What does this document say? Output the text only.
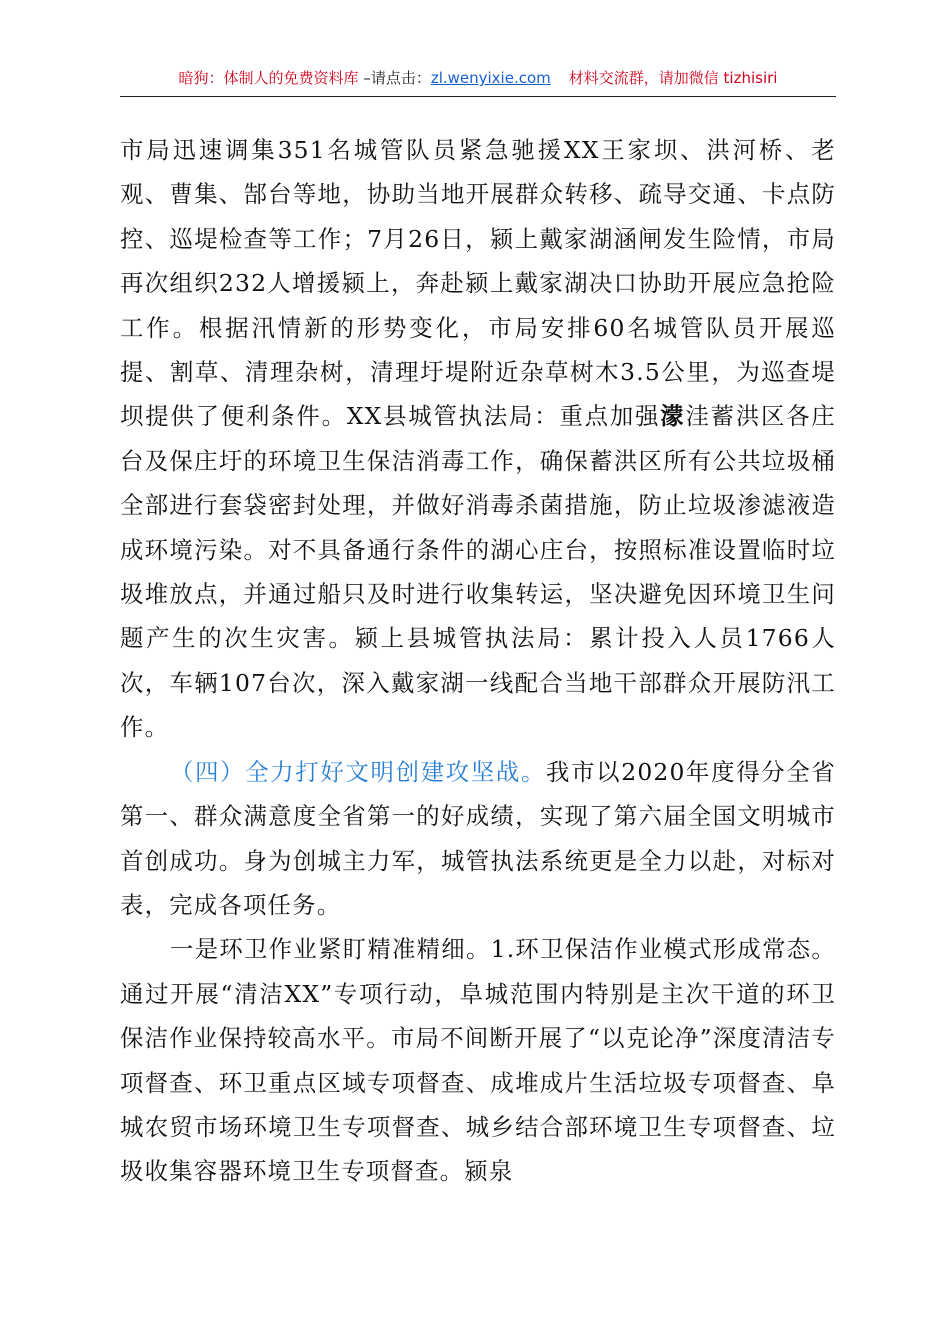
暗狗：体制人的免费资料库 –请点击：zl.wenyixie.com 材料交流群，请加微信 tizhisiri

市局迅速调集351名城管队员紧急驰援XX王家坝、洪河桥、老观、曹集、郜台等地，协助当地开展群众转移、疏导交通、卡点防控、巡堤检查等工作；7月26日，颍上戴家湖涵闸发生险情，市局再次组织232人增援颍上，奔赴颍上戴家湖决口协助开展应急抢险工作。根据汛情新的形势变化，市局安排60名城管队员开展巡提、割草、清理杂树，清理圩堤附近杂草树木3.5公里，为巡查堤坝提供了便利条件。XX县城管执法局：重点加强濛洼蓄洪区各庄台及保庄圩的环境卫生保洁消毒工作，确保蓄洪区所有公共垃圾桶全部进行套袋密封处理，并做好消毒杀菌措施，防止垃圾渗滤液造成环境污染。对不具备通行条件的湖心庄台，按照标准设置临时垃圾堆放点，并通过船只及时进行收集转运，坚决避免因环境卫生问题产生的次生灾害。颍上县城管执法局：累计投入人员1766人次，车辆107台次，深入戴家湖一线配合当地干部群众开展防汛工作。

（四）全力打好文明创建攻坚战。我市以2020年度得分全省第一、群众满意度全省第一的好成绩，实现了第六届全国文明城市首创成功。身为创城主力军，城管执法系统更是全力以赴，对标对表，完成各项任务。

一是环卫作业紧盯精准精细。1.环卫保洁作业模式形成常态。通过开展“清洁XX”专项行动，阜城范围内特别是主次干道的环卫保洁作业保持较高水平。市局不间断开展了“以克论净”深度清洁专项督查、环卫重点区域专项督查、成堆成片生活垃圾专项督查、阜城农贸市场环境卫生专项督查、城乡结合部环境卫生专项督查、垃圾收集容器环境卫生专项督查。颍泉
